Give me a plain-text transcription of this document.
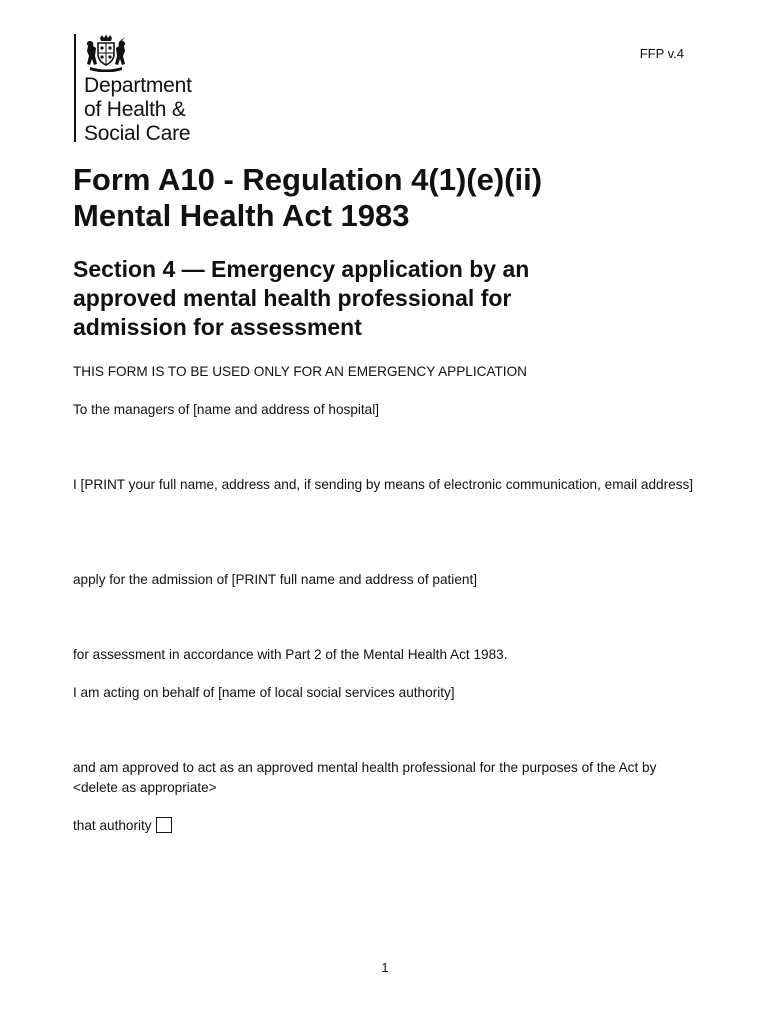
Department
of Health &
Social Care
FFP v.4
Form A10 - Regulation 4(1)(e)(ii)
Mental Health Act 1983
Section 4 — Emergency application by an
approved mental health professional for
admission for assessment
THIS FORM IS TO BE USED ONLY FOR AN EMERGENCY APPLICATION
To the managers of [name and address of hospital]
I [PRINT your full name, address and, if sending by means of electronic communication, email address]
apply for the admission of [PRINT full name and address of patient]
for assessment in accordance with Part 2 of the Mental Health Act 1983.
I am acting on behalf of [name of local social services authority]
and am approved to act as an approved mental health professional for the purposes of the Act by <delete as appropriate>
that authority
1
